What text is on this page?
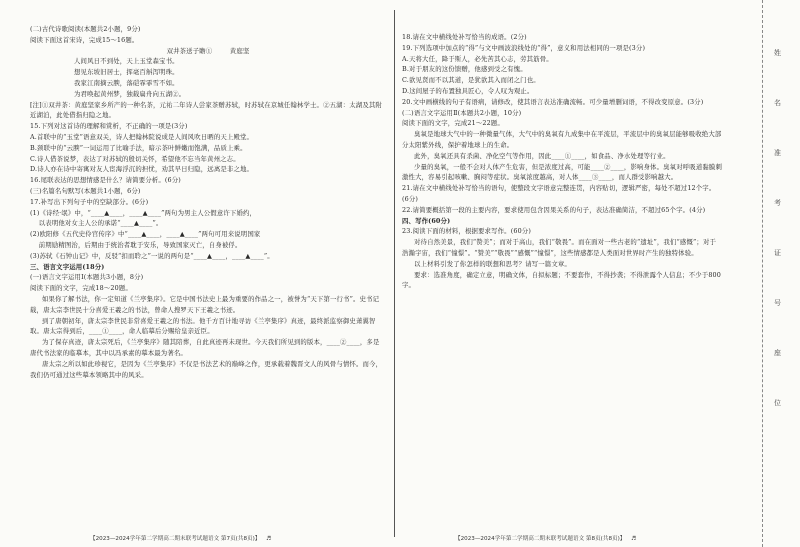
(二)古代诗歌阅读(本题共2小题，9分)

阅读下面这首宋诗，完成15～16题。

双井茶送子瞻①        黄庭坚

人间风日不到处，天上玉堂森宝书。

想见东坡旧居士，挥毫百斛泻明珠。

我家江南摘云腴，落硙霏霏雪不如。

为君唤起黄州梦，独载扁舟向五湖②。

[注]①双井茶：黄庭坚家乡所产的一种名茶，元祐二年诗人尝家茶赠苏轼，时苏轼在京城任翰林学士。②五湖：太湖及其附近湖泊，此处借指归隐之地。

15.下列对这首诗的理解和赏析，不正确的一项是(3分)

A.首联中的“玉堂”语意双关，诗人把翰林院说成是人间风吹日晒的天上殿堂。

B.颈联中的“云腴”一词运用了比喻手法，暗示茶叶鲜嫩而饱满，品质上乘。

C.诗人借茶说梦，表达了对苏轼的殷切关怀，希望他不忘当年黄州之志。

D.诗人亦在诗中寄寓对友人宦海浮沉的担忧，劝其早日归隐，远离是非之地。

16.尾联表达的思想情感是什么？请简要分析。(6分)

(三)名篇名句默写(本题共1小题，6分)

17.补写出下列句子中的空缺部分。(6分)

(1)《诗经·氓》中，“____▲____，____▲____”两句为男主人公假意许下婚约，

以表明他对女主人公的承诺“____▲____”。

(2)欧阳修《五代史伶官传序》中“____▲____，____▲____”两句可用来说明国家

前期励精图治，后期由于统治者耽于安乐，导致国家灭亡，自身被俘。

(3)苏轼《石钟山记》中，反驳“扣而聆之”一说的两句是“____▲____，____▲____”。

三、语言文字运用(18分)

(一)语言文字运用Ⅰ(本题共3小题，8分)

阅读下面的文字，完成18～20题。

如果你了解书法，你一定知道《兰亭集序》。它是中国书法史上最为重要的作品之一，被誉为“天下第一行书”。史书记载，唐太宗李世民十分喜爱王羲之的书法，曾命人搜罗天下王羲之书迹。

到了唐朝初年，唐太宗李世民非常喜爱王羲之的书法。他千方百计地寻访《兰亭集序》真迹，最终派监察御史萧翼智取。唐太宗得到后，____①____，命人临摹后分赐给皇亲近臣。

为了保存真迹，唐太宗死后，《兰亭集序》随其陪葬，自此真迹再未现世。今天我们所见到的版本，____②____，多是唐代书法家的临摹本，其中以冯承素的摹本最为著名。

唐太宗之所以如此珍视它，是因为《兰亭集序》不仅是书法艺术的巅峰之作，更承载着魏晋文人的风骨与情怀。而今，我们仍可通过这些摹本领略其中的风采。

18.请在文中横线处补写恰当的成语。(2分)

19.下列选项中加点的“得”与文中画波浪线处的“得”，意义和用法相同的一项是(3分)

A.天将大任，降于斯人，必先苦其心志，劳其筋骨。

B.对于朋友的这份馈赠，他感到受之有愧。

C.欲见贤而不以其道，是犹欲其入而闭之门也。

D.这间屋子的布置独具匠心，令人叹为观止。

20.文中画横线的句子有语病，请修改，使其语言表达准确流畅。可少量增删词语，不得改变原意。(3分)

(二)语言文字运用Ⅱ(本题共2小题，10分)

阅读下面的文字，完成21～22题。

臭氧是地球大气中的一种微量气体，大气中的臭氧有九成集中在平流层，平流层中的臭氧层能够吸收绝大部分太阳紫外线，保护着地球上的生命。

此外，臭氧还具有杀菌、净化空气等作用，因此____①____，如食品、净水处理等行业。

少量的臭氧，一般不会对人体产生危害，但是浓度过高，可能____②____，影响身体。臭氧对呼吸道黏膜刺激性大，容易引起咳嗽、胸闷等症状。臭氧浓度越高，对人体____③____，而人群受影响越大。

21.请在文中横线处补写恰当的语句，使整段文字语意完整连贯，内容贴切，逻辑严密，每处不超过12个字。(6分)

22.请简要概括第一段的主要内容，要求使用包含因果关系的句子，表达准确简洁，不超过65个字。(4分)

四、写作(60分)

23.阅读下面的材料，根据要求写作。(60分)

对待自然美景，我们“赞美”；而对于高山，我们“敬畏”。而在面对一些古老的“遗址”，我们“感慨”；对于浩瀚宇宙，我们“憧憬”。“赞美”“敬畏”“感慨”“憧憬”，这些情感都是人类面对世界时产生的独特体验。

以上材料引发了你怎样的联想和思考？请写一篇文章。

要求：选准角度，确定立意，明确文体，自拟标题；不要套作，不得抄袭；不得泄露个人信息；不少于800字。

【2023—2024学年第二学期高二期末联考试题语文 第7页(共8页)】 ♬	【2023—2024学年第二学期高二期末联考试题语文 第8页(共8页)】 ♬
姓
名
准
考
证
号
座
位
